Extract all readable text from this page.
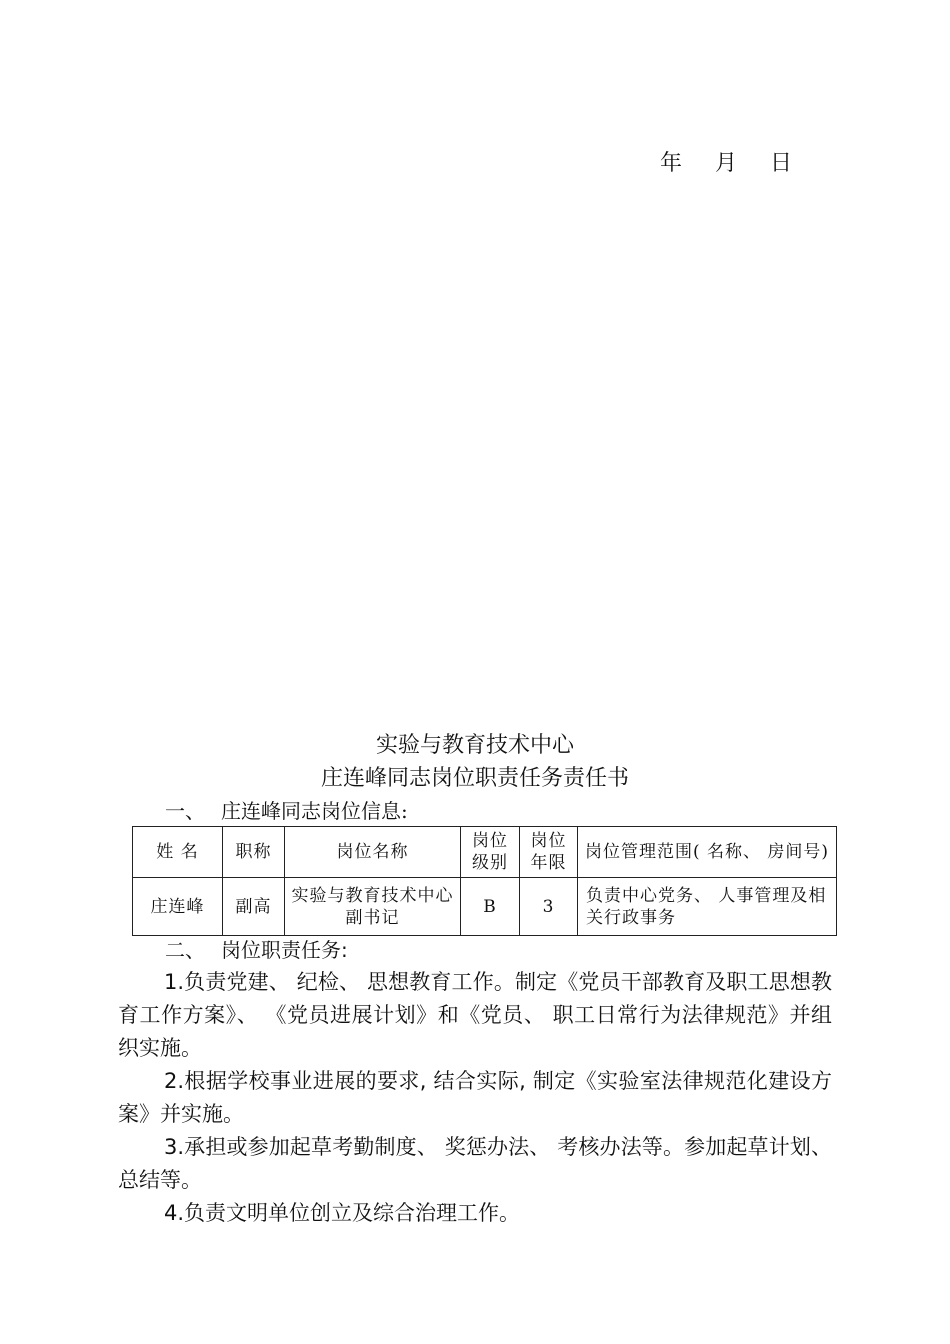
年 月 日
实验与教育技术中心
庄连峰同志岗位职责任务责任书
一、 庄连峰同志岗位信息:
姓 名	职称	岗位名称	岗位级别	岗位年限	岗位管理范围( 名称、 房间号)
庄连峰	副高	实验与教育技术中心副书记	B	3	负责中心党务、 人事管理及相关行政事务
二、 岗位职责任务:

1.负责党建、 纪检、 思想教育工作。制定《党员干部教育及职工思想教育工作方案》、 《党员进展计划》和《党员、 职工日常行为法律规范》并组织实施。

2.根据学校事业进展的要求, 结合实际, 制定《实验室法律规范化建设方案》并实施。

3.承担或参加起草考勤制度、 奖惩办法、 考核办法等。参加起草计划、 总结等。

4.负责文明单位创立及综合治理工作。
